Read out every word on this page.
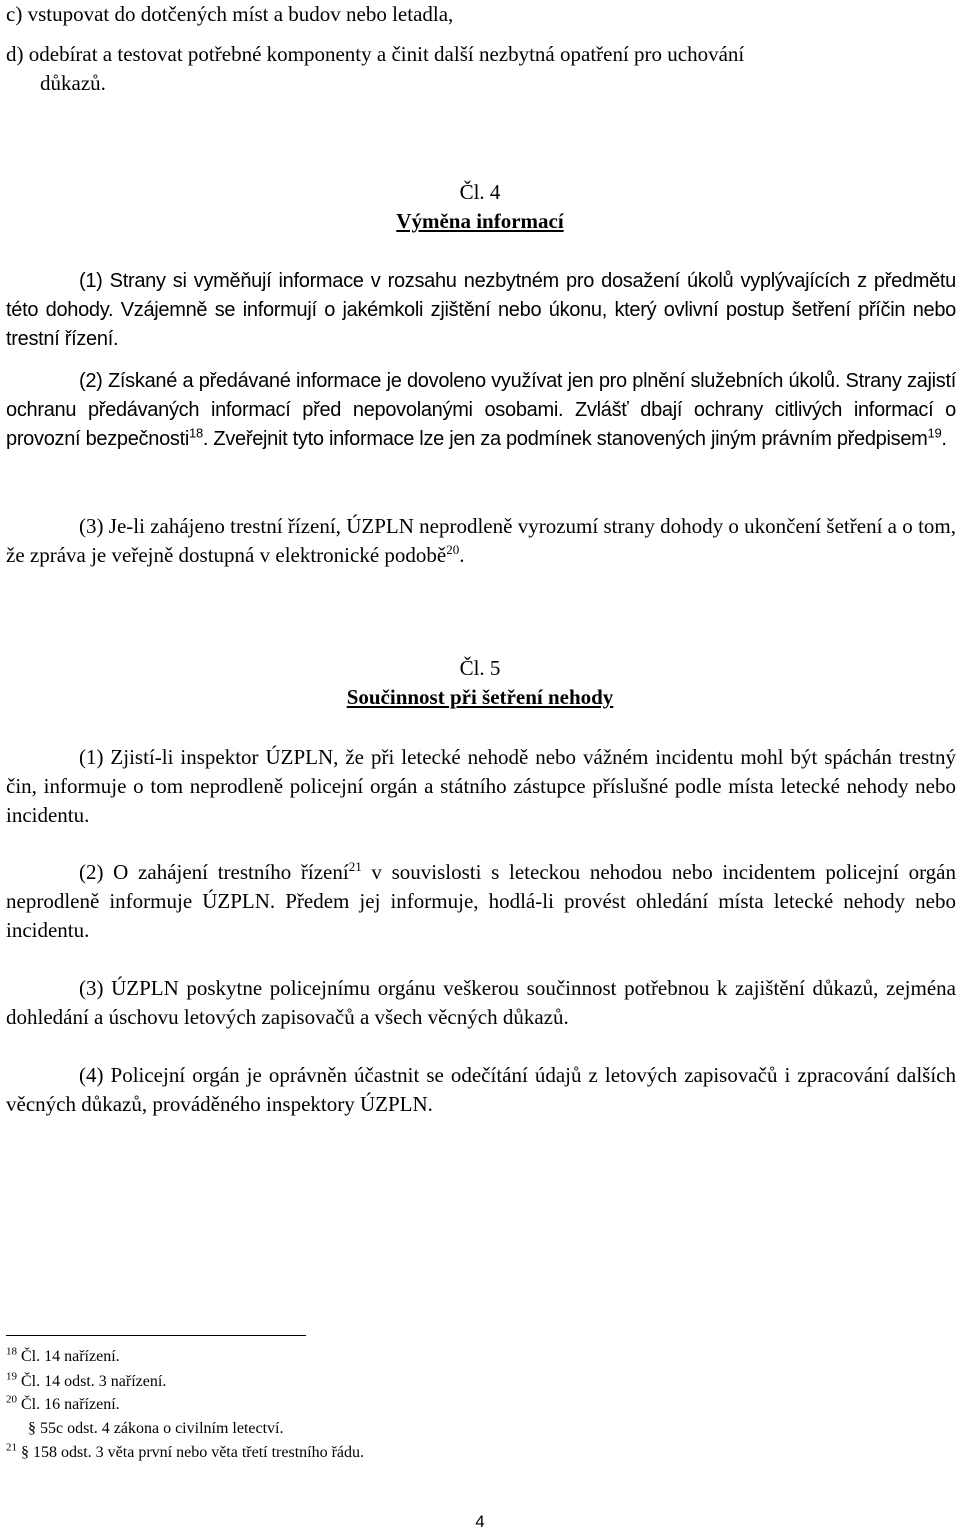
c) vstupovat do dotčených míst a budov nebo letadla,
d) odebírat a testovat potřebné komponenty a činit další nezbytná opatření pro uchování
důkazů.
Čl. 4
Výměna informací
(1) Strany si vyměňují informace v rozsahu nezbytném pro dosažení úkolů vyplývajících z předmětu této dohody. Vzájemně se informují o jakémkoli zjištění nebo úkonu, který ovlivní postup šetření příčin nebo trestní řízení.
(2) Získané a předávané informace je dovoleno využívat jen pro plnění služebních úkolů. Strany zajistí ochranu předávaných informací před nepovolanými osobami. Zvlášť dbají ochrany citlivých informací o provozní bezpečnosti$^{18}$. Zveřejnit tyto informace lze jen za podmínek stanovených jiným právním předpisem$^{19}$.
(3) Je-li zahájeno trestní řízení, ÚZPLN neprodleně vyrozumí strany dohody o ukončení šetření a o tom, že zpráva je veřejně dostupná v elektronické podobě$^{20}$.
Čl. 5
Součinnost při šetření nehody
(1) Zjistí-li inspektor ÚZPLN, že při letecké nehodě nebo vážném incidentu mohl být spáchán trestný čin, informuje o tom neprodleně policejní orgán a státního zástupce příslušné podle místa letecké nehody nebo incidentu.
(2) O zahájení trestního řízení$^{21}$ v souvislosti s leteckou nehodou nebo incidentem policejní orgán neprodleně informuje ÚZPLN. Předem jej informuje, hodlá-li provést ohledání místa letecké nehody nebo incidentu.
(3) ÚZPLN poskytne policejnímu orgánu veškerou součinnost potřebnou k zajištění důkazů, zejména dohledání a úschovu letových zapisovačů a všech věcných důkazů.
(4) Policejní orgán je oprávněn účastnit se odečítání údajů z letových zapisovačů i zpracování dalších věcných důkazů, prováděného inspektory ÚZPLN.
$^{18}$ Čl. 14 nařízení.
$^{19}$ Čl. 14 odst. 3 nařízení.
$^{20}$ Čl. 16 nařízení.
§ 55c odst. 4 zákona o civilním letectví.
$^{21}$ § 158 odst. 3 věta první nebo věta třetí trestního řádu.
4
